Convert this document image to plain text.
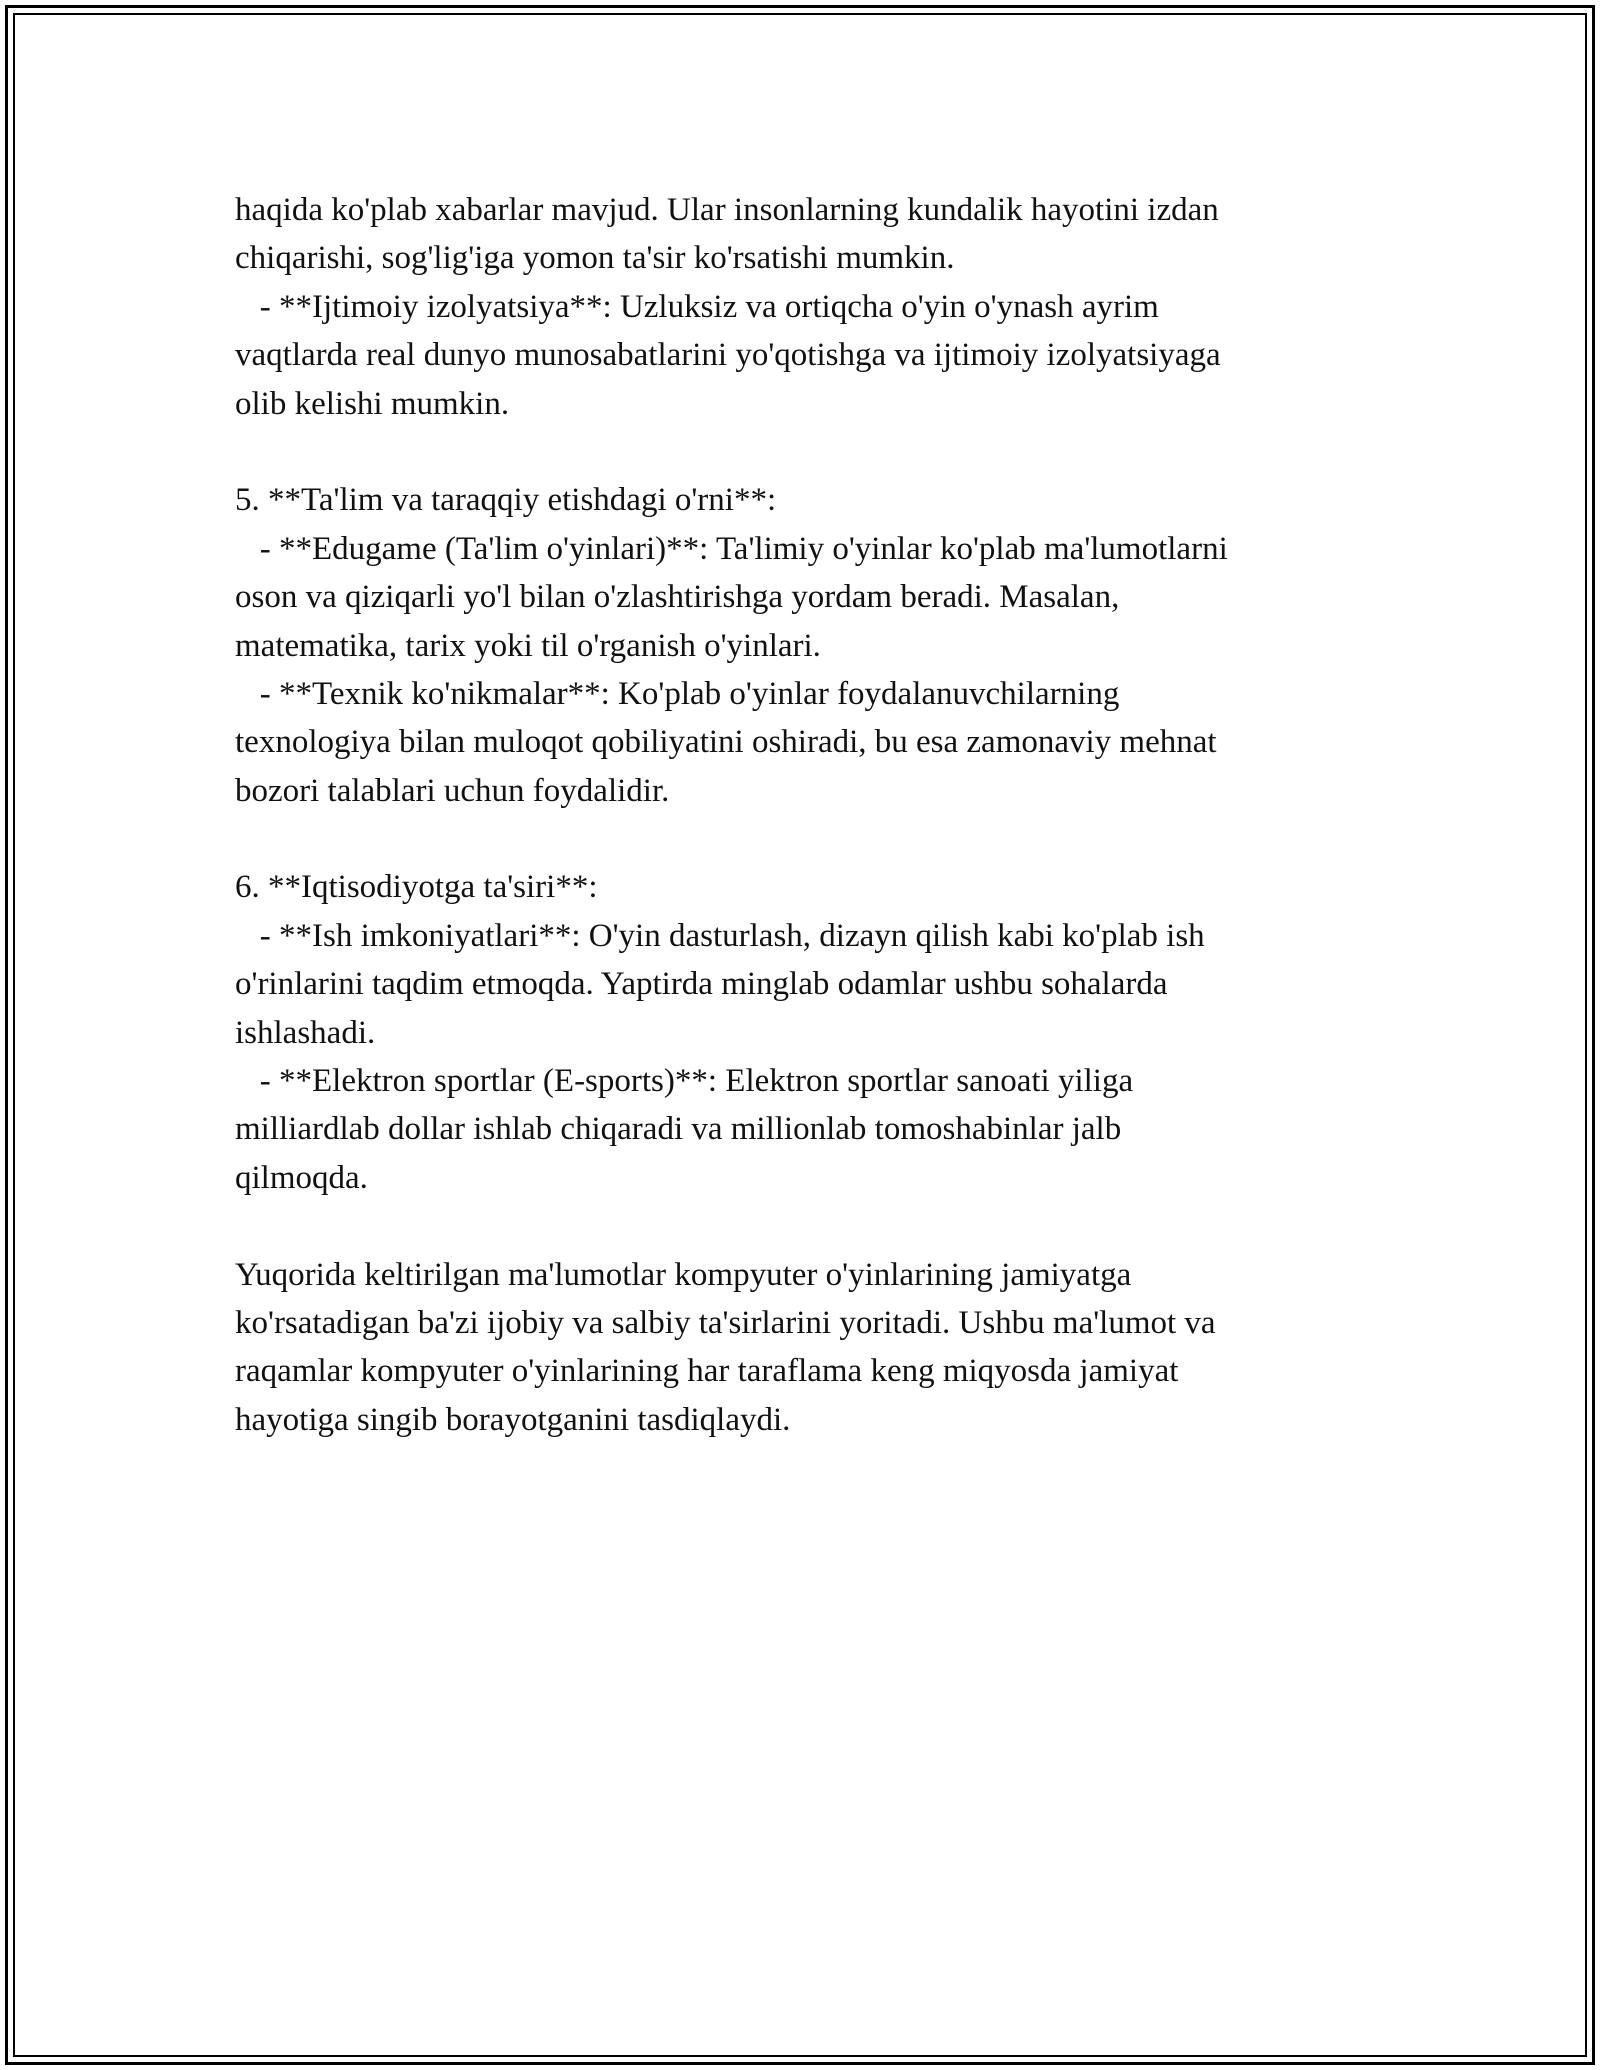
haqida ko'plab xabarlar mavjud. Ular insonlarning kundalik hayotini izdan
chiqarishi, sog'lig'iga yomon ta'sir ko'rsatishi mumkin.
- **Ijtimoiy izolyatsiya**: Uzluksiz va ortiqcha o'yin o'ynash ayrim
vaqtlarda real dunyo munosabatlarini yo'qotishga va ijtimoiy izolyatsiyaga
olib kelishi mumkin.
5. **Ta'lim va taraqqiy etishdagi o'rni**:
- **Edugame (Ta'lim o'yinlari)**: Ta'limiy o'yinlar ko'plab ma'lumotlarni
oson va qiziqarli yo'l bilan o'zlashtirishga yordam beradi. Masalan,
matematika, tarix yoki til o'rganish o'yinlari.
- **Texnik ko'nikmalar**: Ko'plab o'yinlar foydalanuvchilarning
texnologiya bilan muloqot qobiliyatini oshiradi, bu esa zamonaviy mehnat
bozori talablari uchun foydalidir.
6. **Iqtisodiyotga ta'siri**:
- **Ish imkoniyatlari**: O'yin dasturlash, dizayn qilish kabi ko'plab ish
o'rinlarini taqdim etmoqda. Yaptirda minglab odamlar ushbu sohalarda
ishlashadi.
- **Elektron sportlar (E-sports)**: Elektron sportlar sanoati yiliga
milliardlab dollar ishlab chiqaradi va millionlab tomoshabinlar jalb
qilmoqda.
Yuqorida keltirilgan ma'lumotlar kompyuter o'yinlarining jamiyatga
ko'rsatadigan ba'zi ijobiy va salbiy ta'sirlarini yoritadi. Ushbu ma'lumot va
raqamlar kompyuter o'yinlarining har taraflama keng miqyosda jamiyat
hayotiga singib borayotganini tasdiqlaydi.
